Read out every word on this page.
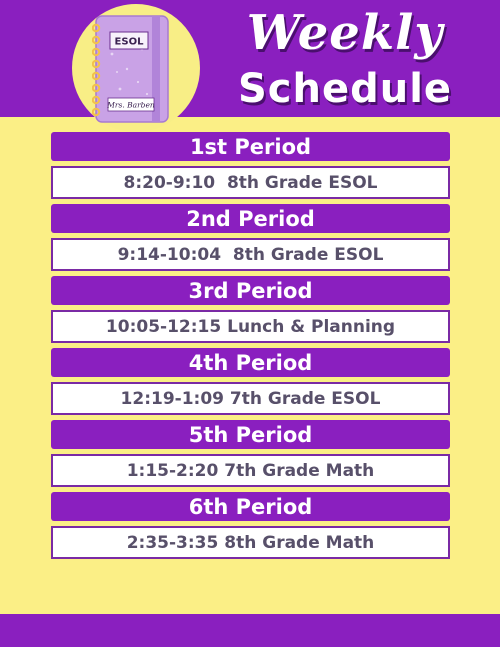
ESOL
Mrs. Barben
Weekly
Schedule
1st Period
8:20-9:10  8th Grade ESOL
2nd Period
9:14-10:04  8th Grade ESOL
3rd Period
10:05-12:15 Lunch & Planning
4th Period
12:19-1:09 7th Grade ESOL
5th Period
1:15-2:20 7th Grade Math
6th Period
2:35-3:35 8th Grade Math
